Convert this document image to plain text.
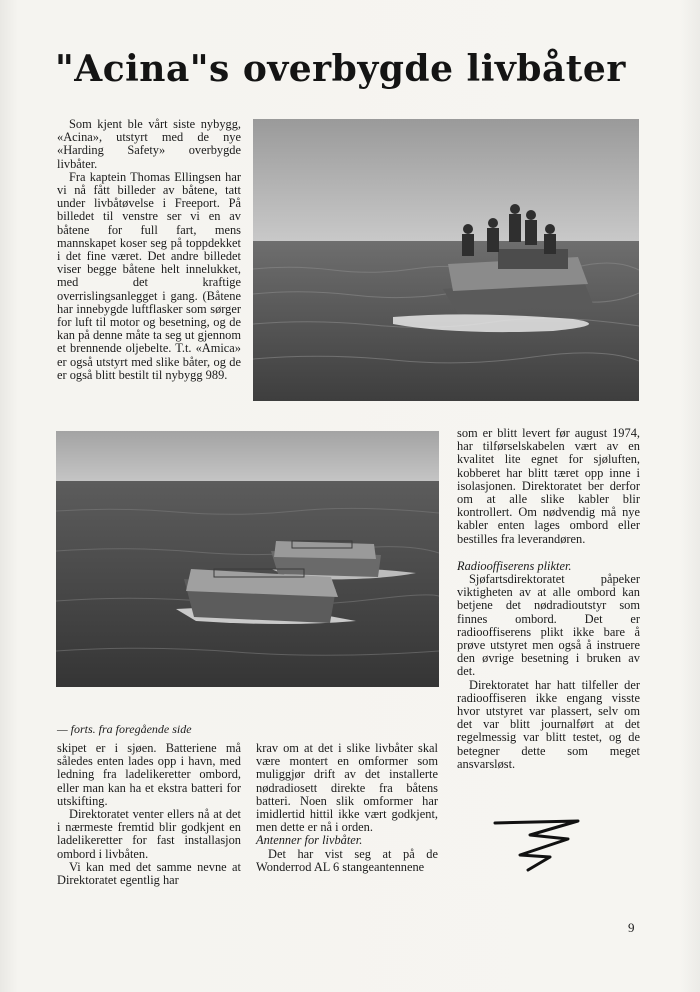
"Acina"s overbygde livbåter

Som kjent ble vårt siste nybygg, «Acina», utstyrt med de nye «Harding Safety» overbygde livbåter.

Fra kaptein Thomas Ellingsen har vi nå fått billeder av båtene, tatt under livbåtøvelse i Freeport. På billedet til venstre ser vi en av båtene for full fart, mens mannskapet koser seg på toppdekket i det fine været. Det andre billedet viser begge båtene helt innelukket, med det kraftige overrislingsanlegget i gang. (Båtene har innebygde luftflasker som sørger for luft til motor og besetning, og de kan på denne måte ta seg ut gjennom et brennende oljebelte. T.t. «Amica» er også utstyrt med slike båter, og de er også blitt bestilt til nybygg 989.

— forts. fra foregående side

skipet er i sjøen. Batteriene må således enten lades opp i havn, med ledning fra ladelikeretter ombord, eller man kan ha et ekstra batteri for utskifting.

Direktoratet venter ellers nå at det i nærmeste fremtid blir godkjent en ladelikeretter for fast installasjon ombord i livbåten.

Vi kan med det samme nevne at Direktoratet egentlig har

krav om at det i slike livbåter skal være montert en omformer som muliggjør drift av det installerte nødradiosett direkte fra båtens batteri. Noen slik omformer har imidlertid hittil ikke vært godkjent, men dette er nå i orden.

Antenner for livbåter.

Det har vist seg at på de Wonderrod AL 6 stangeantennene

som er blitt levert før august 1974, har tilførselskabelen vært av en kvalitet lite egnet for sjøluften, kobberet har blitt tæret opp inne i isolasjonen. Direktoratet ber derfor om at alle slike kabler blir kontrollert. Om nødvendig må nye kabler enten lages ombord eller bestilles fra leverandøren.

Radiooffiserens plikter.

Sjøfartsdirektoratet påpeker viktigheten av at alle ombord kan betjene det nødradioutstyr som finnes ombord. Det er radiooffiserens plikt ikke bare å prøve utstyret men også å instruere den øvrige besetning i bruken av det.

Direktoratet har hatt tilfeller der radiooffiseren ikke engang visste hvor utstyret var plassert, selv om det var blitt journalført at det regelmessig var blitt testet, og de betegner dette som meget ansvarsløst.

9
